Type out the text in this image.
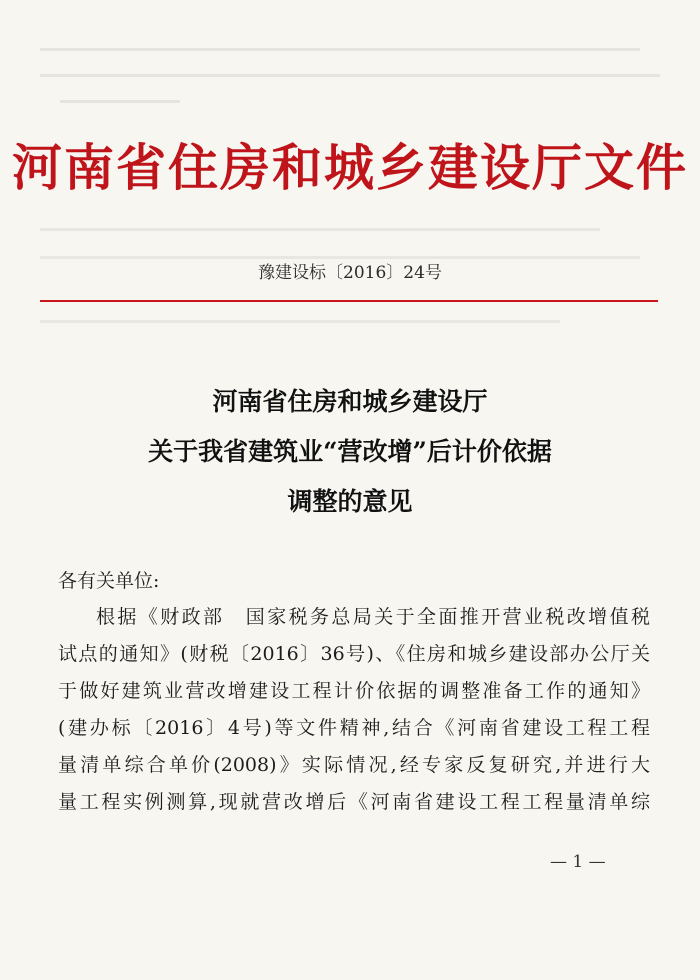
河南省住房和城乡建设厅文件
豫建设标〔2016〕24号
河南省住房和城乡建设厅
关于我省建筑业“营改增”后计价依据
调整的意见
各有关单位:
根据《财政部　国家税务总局关于全面推开营业税改增值税
试点的通知》(财税〔2016〕36号)、《住房和城乡建设部办公厅关
于做好建筑业营改增建设工程计价依据的调整准备工作的通知》
(建办标〔2016〕4号)等文件精神,结合《河南省建设工程工程
量清单综合单价(2008)》实际情况,经专家反复研究,并进行大
量工程实例测算,现就营改增后《河南省建设工程工程量清单综
— 1 —
